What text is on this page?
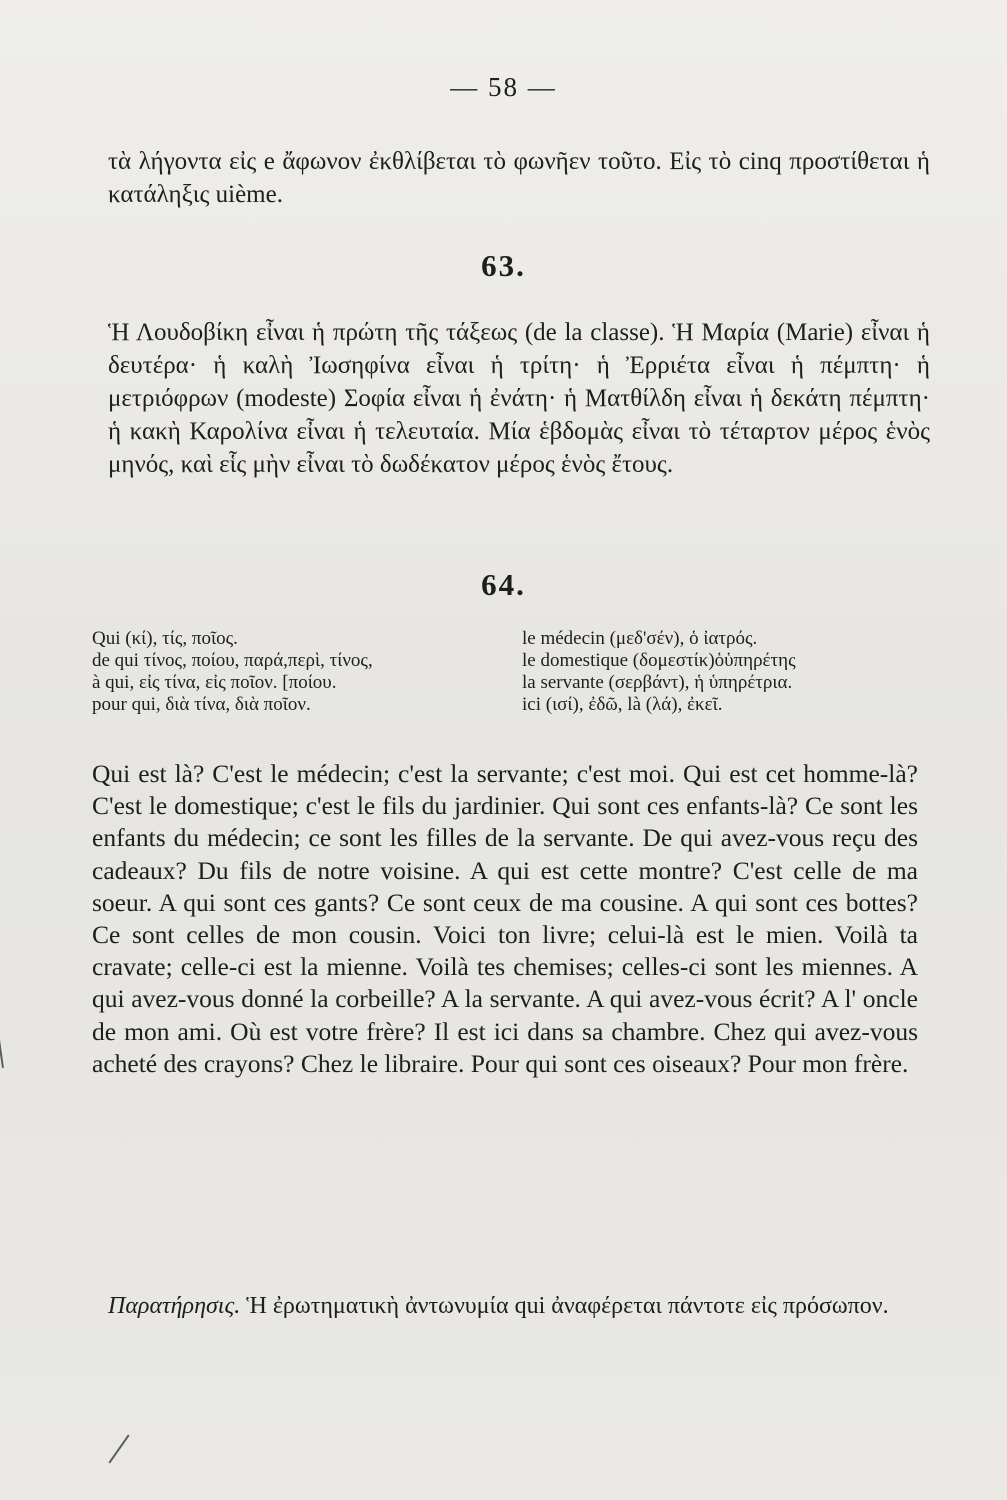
— 58 —
τὰ λήγοντα εἰς e ἄφωνον ἐκθλίβεται τὸ φωνῆεν τοῦτο. Εἰς τὸ cinq προστίθεται ἡ κατάληξις uième.
63.
Ἡ Λουδοβίκη εἶναι ἡ πρώτη τῆς τάξεως (de la classe). Ἡ Μαρία (Marie) εἶναι ἡ δευτέρα· ἡ καλὴ Ἰωσηφίνα εἶναι ἡ τρίτη· ἡ Ἐρριέτα εἶναι ἡ πέμπτη· ἡ μετριόφρων (modeste) Σοφία εἶναι ἡ ἐνάτη· ἡ Ματθίλδη εἶναι ἡ δεκάτη πέμπτη· ἡ κακὴ Καρολίνα εἶναι ἡ τελευταία. Μία ἑβδομὰς εἶναι τὸ τέταρτον μέρος ἑνὸς μηνός, καὶ εἷς μὴν εἶναι τὸ δωδέκατον μέρος ἑνὸς ἔτους.
64.
Qui (κί), τίς, ποῖος.
de qui τίνος, ποίου, παρά,περὶ, τίνος,
à qui, εἰς τίνα, εἰς ποῖον. [ποίου.
pour qui, διὰ τίνα, διὰ ποῖον.
le médecin (μεδ'σέν), ὁ ἰατρός.
le domestique (δομεστίκ)ὁὑπηρέτης
la servante (σερβάντ), ἡ ὑπηρέτρια.
ici (ισί), ἐδῶ, là (λά), ἐκεῖ.
Qui est là? C'est le médecin; c'est la servante; c'est moi. Qui est cet homme-là? C'est le domestique; c'est le fils du jardinier. Qui sont ces enfants-là? Ce sont les enfants du médecin; ce sont les filles de la servante. De qui avez-vous reçu des cadeaux? Du fils de notre voisine. A qui est cette montre? C'est celle de ma soeur. A qui sont ces gants? Ce sont ceux de ma cousine. A qui sont ces bottes? Ce sont celles de mon cousin. Voici ton livre; celui-là est le mien. Voilà ta cravate; celle-ci est la mienne. Voilà tes chemises; celles-ci sont les miennes. A qui avez-vous donné la corbeille? A la servante. A qui avez-vous écrit? A l' oncle de mon ami. Où est votre frère? Il est ici dans sa chambre. Chez qui avez-vous acheté des crayons? Chez le libraire. Pour qui sont ces oiseaux? Pour mon frère.
Παρατήρησις. Ἡ ἐρωτηματικὴ ἀντωνυμία qui ἀναφέρεται πάντοτε εἰς πρόσωπον.
